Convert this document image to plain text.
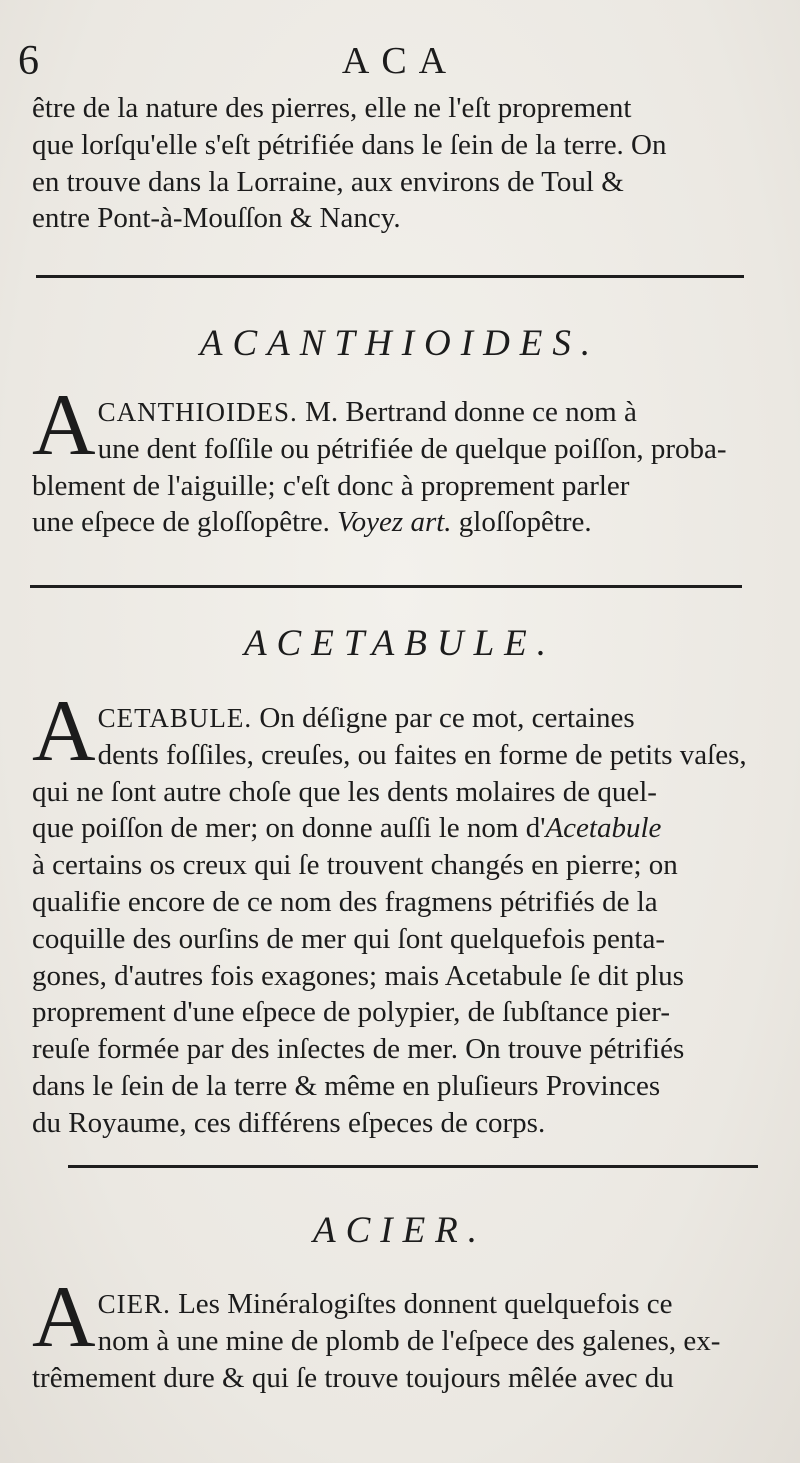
6	ACA

être de la nature des pierres, elle ne l'eſt proprement
que lorſqu'elle s'eſt pétrifiée dans le ſein de la terre. On
en trouve dans la Lorraine, aux environs de Toul &
entre Pont-à-Mouſſon & Nancy.

ACANTHIOIDES.

ACANTHIOIDES. M. Bertrand donne ce nom à
une dent foſſile ou pétrifiée de quelque poiſſon, proba-
blement de l'aiguille; c'eſt donc à proprement parler
une eſpece de gloſſopêtre. Voyez art. gloſſopêtre.

ACETABULE.

ACETABULE. On déſigne par ce mot, certaines
dents foſſiles, creuſes, ou faites en forme de petits vaſes,
qui ne ſont autre choſe que les dents molaires de quel-
que poiſſon de mer; on donne auſſi le nom d'Acetabule
à certains os creux qui ſe trouvent changés en pierre; on
qualifie encore de ce nom des fragmens pétrifiés de la
coquille des ourſins de mer qui ſont quelquefois penta-
gones, d'autres fois exagones; mais Acetabule ſe dit plus
proprement d'une eſpece de polypier, de ſubſtance pier-
reuſe formée par des inſectes de mer. On trouve pétrifiés
dans le ſein de la terre & même en pluſieurs Provinces
du Royaume, ces différens eſpeces de corps.

ACIER.

ACIER. Les Minéralogiſtes donnent quelquefois ce
nom à une mine de plomb de l'eſpece des galenes, ex-
trêmement dure & qui ſe trouve toujours mêlée avec du
